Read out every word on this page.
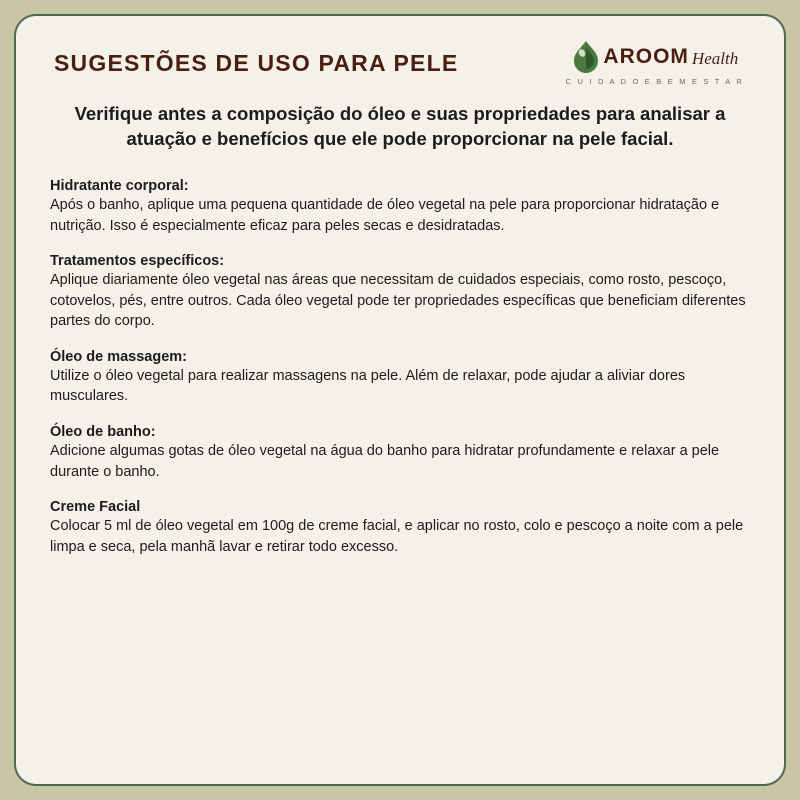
SUGESTÕES DE USO PARA PELE	AROOM Health
C U I D A D O E B E M E S T A R

Verifique antes a composição do óleo e suas propriedades para analisar a atuação e benefícios que ele pode proporcionar na pele facial.

Hidratante corporal:

Após o banho, aplique uma pequena quantidade de óleo vegetal na pele para proporcionar hidratação e nutrição. Isso é especialmente eficaz para peles secas e desidratadas.

Tratamentos específicos:

Aplique diariamente óleo vegetal nas áreas que necessitam de cuidados especiais, como rosto, pescoço, cotovelos, pés, entre outros. Cada óleo vegetal pode ter propriedades específicas que beneficiam diferentes partes do corpo.

Óleo de massagem:

Utilize o óleo vegetal para realizar massagens na pele. Além de relaxar, pode ajudar a aliviar dores musculares.

Óleo de banho:

Adicione algumas gotas de óleo vegetal na água do banho para hidratar profundamente e relaxar a pele durante o banho.

Creme Facial

Colocar 5 ml de óleo vegetal em 100g de creme facial, e aplicar no rosto, colo e pescoço a noite com a pele limpa e seca, pela manhã lavar e retirar todo excesso.
